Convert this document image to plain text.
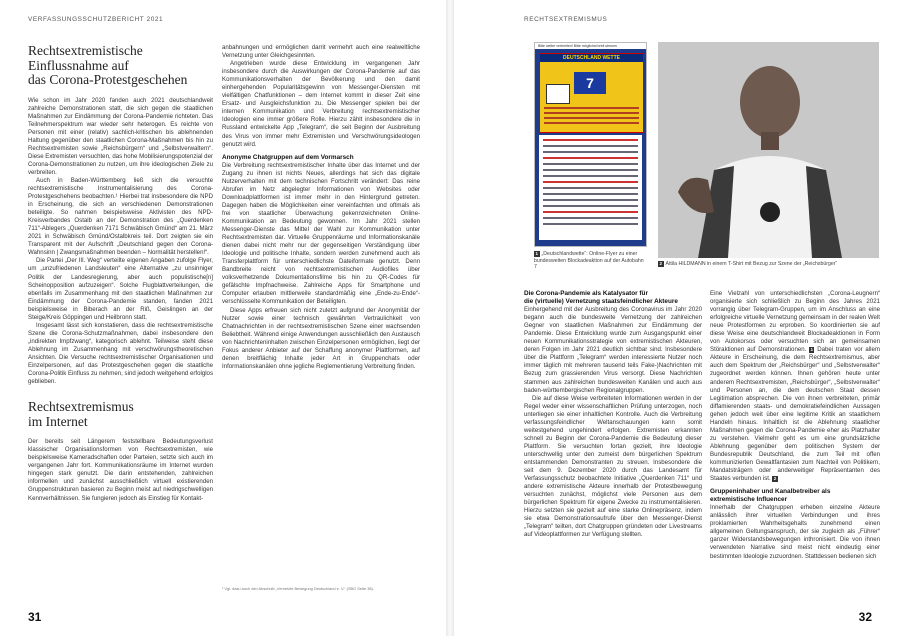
VERFASSUNGSSCHUTZBERICHT 2021
Rechtsextremistische
Einflussnahme auf
das Corona-Protestgeschehen

Wie schon im Jahr 2020 fanden auch 2021 deutschlandweit zahlreiche Demonstrationen statt, die sich gegen die staatlichen Maßnahmen zur Eindämmung der Corona-Pandemie richteten. Das Teilnehmerspektrum war wieder sehr heterogen. Es reichte von Personen mit einer (relativ) sachlich-kritischen bis ablehnenden Haltung gegenüber den staatlichen Corona-Maßnahmen bis hin zu Rechtsextremisten sowie „Reichsbürgern“ und „Selbstverwaltern“. Diese Extremisten versuchten, das hohe Mobilisierungspotenzial der Corona-Demonstrationen zu nutzen, um ihre ideologischen Ziele zu verbreiten.

Auch in Baden-Württemberg ließ sich die versuchte rechtsextremistische Instrumentalisierung des Corona-Protestgeschehens beobachten.¹ Hierbei trat insbesondere die NPD in Erscheinung, die sich an verschiedenen Demonstrationen beteiligte. So nahmen beispielsweise Aktivisten des NPD-Kreisverbandes Ostalb an der Demonstration des „Querdenken 711“-Ablegers „Querdenken 7171 Schwäbisch Gmünd“ am 21. März 2021 in Schwäbisch Gmünd/Ostalbkreis teil. Dort zeigten sie ein Transparent mit der Aufschrift „Deutschland gegen den Corona-Wahnsinn | Zwangsmaßnahmen beenden – Normalität herstellen!“.

Die Partei „Der III. Weg“ verteilte eigenen Angaben zufolge Flyer, um „unzufriedenen Landsleuten“ eine Alternative „zu unsinniger Politik der Landesregierung, aber auch populistische[n] Scheinopposition aufzuzeigen“. Solche Flugblattverteilungen, die ebenfalls im Zusammenhang mit den staatlichen Maßnahmen zur Eindämmung der Corona-Pandemie standen, fanden 2021 beispielsweise in Biberach an der Riß, Geislingen an der Steige/Kreis Göppingen und Heilbronn statt.

Insgesamt lässt sich konstatieren, dass die rechtsextremistische Szene die Corona-Schutzmaßnahmen, dabei insbesondere den „indirekten Impfzwang“, kategorisch ablehnt. Teilweise steht diese Ablehnung im Zusammenhang mit verschwörungstheoretischen Ansichten. Die Versuche rechtsextremistischer Organisationen und Einzelpersonen, auf das Protestgeschehen gegen die staatliche Corona-Politik Einfluss zu nehmen, sind jedoch weitgehend erfolglos geblieben.

Rechtsextremismus
im Internet

Der bereits seit Längerem feststellbare Bedeutungsverlust klassischer Organisationsformen von Rechtsextremisten, wie beispielsweise Kameradschaften oder Parteien, setzte sich auch im vergangenen Jahr fort. Kommunikationsräume im Internet wurden hingegen stark genutzt. Die darin entstehenden, zahlreichen informellen und zunächst ausschließlich virtuell existierenden Gruppenstrukturen basieren zu Beginn meist auf niedrigschwelligen Kennverhältnissen. Sie fungieren jedoch als Einstieg für Kontakt-

anbahnungen und ermöglichen darrit vermehrt auch eine realweltliche Vernetzung unter Gleichgesinnten.

Angetrieben wurde diese Entwicklung im vergangenen Jahr insbesondere durch die Auswirkungen der Corona-Pandemie auf das Kommunikationsverhalten der Bevölkerung und den damit einhergehenden Popularitätsgewinn von Messenger-Diensten mit vielfältigen Chatfunktionen – dem Internet kommt in dieser Zeit eine Ersatz- und Ausgleichsfunktion zu. Die Messenger spielen bei der internen Kommunikation und Verbreitung rechtsextremistischer Ideologien eine immer größere Rolle. Hierzu zählt insbesondere die in Russland entwickelte App „Telegram“, die seit Beginn der Ausbreitung des Virus von immer mehr Extremisten und Verschwörungsideologen genutzt wird.

Anonyme Chatgruppen auf dem Vormarsch

Die Verbreitung rechtsextremistischer Inhalte über das Internet und der Zugang zu ihnen ist nichts Neues, allerdings hat sich das digitale Nutzerverhalten mit dem technischen Fortschritt verändert: Das reine Abrufen im Netz abgelegter Informationen von Websites oder Downloadplattformen ist immer mehr in den Hintergrund getreten. Dagegen haben die Möglichkeiten einer vereinfachten und oftmals als frei von staatlicher Überwachung gekennzeichneten Online-Kommunikation an Bedeutung gewonnen. Im Jahr 2021 stellen Messenger-Dienste das Mittel der Wahl zur Kommunikation unter Rechtsextremisten dar. Virtuelle Gruppenräume und Informationskanäle dienen dabei nicht mehr nur der gegenseitigen Verständigung über Ideologie und politische Inhalte, sondern werden zunehmend auch als Transferplattform für unterschiedlichste Dateiformate genutzt. Denn Bandbreite reicht von rechtsextremistischen Audiofiles über volksverhetzende Dokumentationsfilme bis hin zu QR-Codes für gefälschte Impfnachweise. Zahlreiche Apps für Smartphone und Computer erlauben mittlerweile standardmäßig eine „Ende-zu-Ende“-verschlüsselte Kommunikation der Beteiligten.

Diese Apps erfreuen sich nicht zuletzt aufgrund der Anonymität der Nutzer sowie einer technisch gewährten Vertraulichkeit von Chatnachrichten in der rechtsextremistischen Szene einer wachsenden Beliebtheit. Während einige Anwendungen ausschließlich den Austausch von Nachrichteninhalten zwischen Einzelpersonen ermöglichen, liegt der Fokus anderer Anbieter auf der Schaffung anonymer Plattformen, auf denen breitflächig Inhalte jeder Art in Gruppenchats oder Informationskanälen ohne jegliche Reglementierung Verbreitung finden.

¹ Vgl. dazu auch den Abschnitt „Vernetzte Bewegung Deutschland e. V.“ (SBG Seite 38).
31
RECHTSEXTREMISMUS
Bitte weiter verbreiten! Bitte möglichst breit streuen
DEUTSCHLAND WETTE
7
1 „Deutschlandwette“: Online-Flyer zu einer bundesweiten Blockadeaktion auf der Autobahn 7
2 Attila HILDMANN in einem T-Shirt mit Bezug zur Szene der „Reichsbürger“
Die Corona-Pandemie als Katalysator für
die (virtuelle) Vernetzung staatsfeindlicher Akteure

Einhergehend mit der Ausbreitung des Coronavirus im Jahr 2020 begann auch die bundesweite Vernetzung der zahlreichen Gegner von staatlichen Maßnahmen zur Eindämmung der Pandemie. Diese Entwicklung wurde zum Ausgangspunkt einer neuen Kommunikationsstrategie von extremistischen Akteuren, deren Folgen im Jahr 2021 deutlich sichtbar sind. Insbesondere über die Plattform „Telegram“ werden interessierte Nutzer noch immer täglich mit mehreren tausend teils Fake-)Nachrichten mit Bezug zum grassierenden Virus versorgt. Diese Nachrichten stammen aus zahlreichen bundesweiten Kanälen und auch aus baden-württembergischen Regionalgruppen.

Die auf diese Weise verbreiteten Informationen werden in der Regel weder einer wissenschaftlichen Prüfung unterzogen, noch unterliegen sie einer inhaltlichen Kontrolle. Auch die Verbreitung verfassungsfeindlicher Weltanschauungen kann somit weitestgehend ungehindert erfolgen. Extremisten erkannten schnell zu Beginn der Corona-Pandemie die Bedeutung dieser Plattform. Sie versuchten fortan gezielt, ihre Ideologie unterschwellig unter den zumeist dem bürgerlichen Spektrum entstammenden Demonstranten zu streuen. Insbesondere die seit dem 9. Dezember 2020 durch das Landesamt für Verfassungsschutz beobachtete Initiative „Querdenken 711“ und andere extremistische Akteure innerhalb der Protestbewegung versuchten zunächst, möglichst viele Personen aus dem bürgerlichen Spektrum für eigene Zwecke zu instrumentalisieren. Hierzu setzten sie gezielt auf eine starke Onlinepräsenz, indem sie etwa Demonstrationsaufrufe über den Messenger-Dienst „Telegram“ teilten, dort Chatgruppen gründeten oder Livestreams auf Videoplattformen zur Verfügung stellten.

Eine Vielzahl von unterschiedlichsten „Corona-Leugnern“ organisierte sich schließlich zu Beginn des Jahres 2021 vorrangig über Telegram-Gruppen, um im Anschluss an eine erfolgreiche virtuelle Vernetzung gemeinsam in der realen Welt neue Protestformen zu erproben. So koordinierten sie auf diese Weise eine deutschlandweit Blockadeaktionen in Form von Autokorsos oder versuchten sich an gemeinsamen Störaktionen auf Demonstrationen. 1 Dabei traten vor allem Akteure in Erscheinung, die dem Rechtsextremismus, aber auch dem Spektrum der „Reichsbürger“ und „Selbstverwalter“ zugeordnet werden können. Ihnen gehören heute unter anderem Rechtsextremisten, „Reichsbürger“, „Selbstverwalter“ und Personen an, die dem deutschen Staat dessen Legitimation absprechen. Die von ihnen verbreiteten, primär diffamierenden staats- und demokratiefeindlichen Aussagen gehen jedoch weit über eine legitime Kritik an staatlichem Handeln hinaus. Inhaltlich ist die Ablehnung staatlicher Maßnahmen gegen die Corona-Pandemie eher als Platzhalter zu verstehen. Vielmehr geht es um eine grundsätzliche Ablehnung gegenüber dem politischen System der Bundesrepublik Deutschland, die zum Teil mit offen kommunizierten Gewaltfantasien zum Nachteil von Politikern, Mandatsträgern oder anderweitiger Repräsentanten des Staates verbunden ist. 2

Gruppeninhaber und Kanalbetreiber als
extremistische Influencer

Innerhalb der Chatgruppen erheben einzelne Akteure anlässlich ihrer virtuellen Verbindungen und ihres proklamierten Wahrheitsgehalts zunehmend einen allgemeinen Geltungsanspruch, der sie zugleich als „Führer“ ganzer Widerstandsbewegungen inthronisiert. Die von ihnen verwendeten Narrative sind meist nicht eindeutig einer bestimmten Ideologie zuzuordnen. Stattdessen bedienen sich

32
